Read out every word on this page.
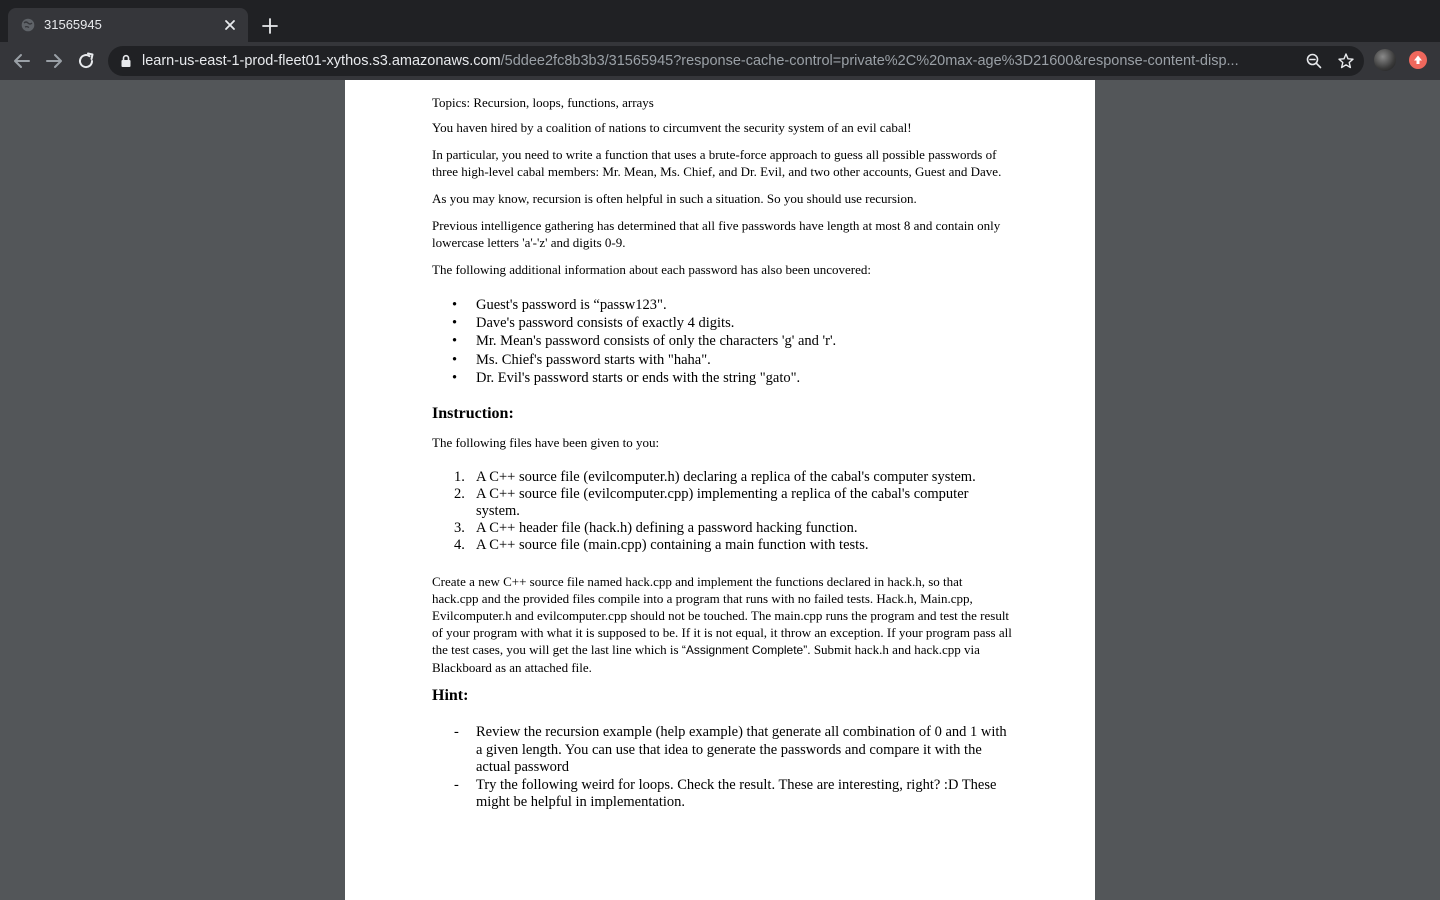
31565945
learn-us-east-1-prod-fleet01-xythos.s3.amazonaws.com/5ddee2fc8b3b3/31565945?response-cache-control=private%2C%20max-age%3D21600&response-content-disp...

Topics: Recursion, loops, functions, arrays

You haven hired by a coalition of nations to circumvent the security system of an evil cabal!

In particular, you need to write a function that uses a brute-force approach to guess all possible passwords of three high-level cabal members: Mr. Mean, Ms. Chief, and Dr. Evil, and two other accounts, Guest and Dave.

As you may know, recursion is often helpful in such a situation. So you should use recursion.

Previous intelligence gathering has determined that all five passwords have length at most 8 and contain only lowercase letters 'a'-'z' and digits 0-9.

The following additional information about each password has also been uncovered:

• Guest's password is “passw123".
• Dave's password consists of exactly 4 digits.
• Mr. Mean's password consists of only the characters 'g' and 'r'.
• Ms. Chief's password starts with "haha".
• Dr. Evil's password starts or ends with the string "gato".
Instruction:

The following files have been given to you:

1. A C++ source file (evilcomputer.h) declaring a replica of the cabal's computer system.
2. A C++ source file (evilcomputer.cpp) implementing a replica of the cabal's computer system.
3. A C++ header file (hack.h) defining a password hacking function.
4. A C++ source file (main.cpp) containing a main function with tests.

Create a new C++ source file named hack.cpp and implement the functions declared in hack.h, so that hack.cpp and the provided files compile into a program that runs with no failed tests. Hack.h, Main.cpp, Evilcomputer.h and evilcomputer.cpp should not be touched. The main.cpp runs the program and test the result of your program with what it is supposed to be. If it is not equal, it throw an exception. If your program pass all the test cases, you will get the last line which is “Assignment Complete”. Submit hack.h and hack.cpp via Blackboard as an attached file.

Hint:
- Review the recursion example (help example) that generate all combination of 0 and 1 with a given length. You can use that idea to generate the passwords and compare it with the actual password
- Try the following weird for loops. Check the result. These are interesting, right? :D These might be helpful in implementation.
